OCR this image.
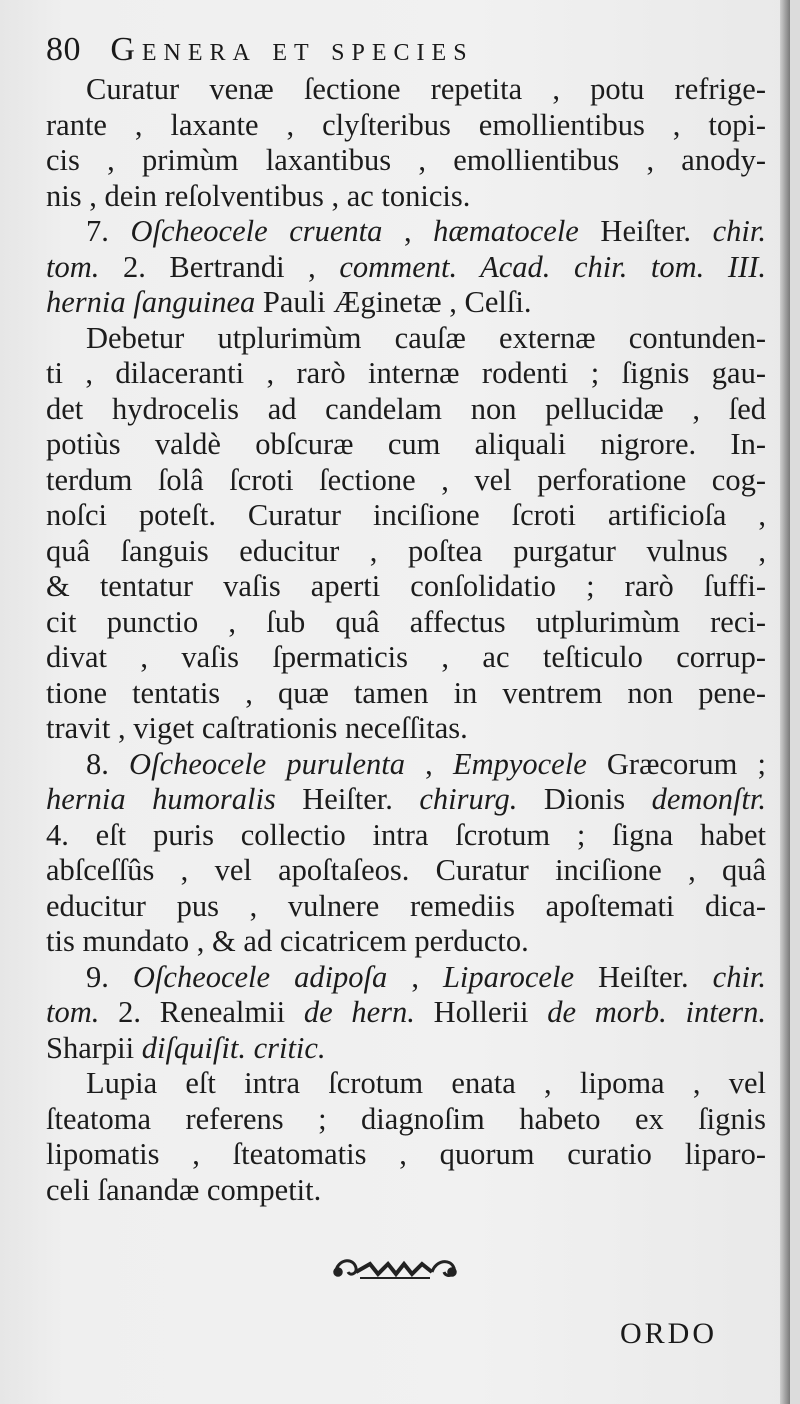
80 Genera et species
Curatur venæ ſectione repetita , potu refrige-
rante , laxante , clyſteribus emollientibus , topi-
cis , primùm laxantibus , emollientibus , anody-
nis , dein reſolventibus , ac tonicis.
7. Oſcheocele cruenta , hæmatocele Heiſter. chir.
tom. 2. Bertrandi , comment. Acad. chir. tom. III.
hernia ſanguinea Pauli Æginetæ , Celſi.
Debetur utplurimùm cauſæ externæ contunden-
ti , dilaceranti , rarò internæ rodenti ; ſignis gau-
det hydrocelis ad candelam non pellucidæ , ſed
potiùs valdè obſcuræ cum aliquali nigrore. In-
terdum ſolâ ſcroti ſectione , vel perforatione cog-
noſci poteſt. Curatur inciſione ſcroti artificioſa ,
quâ ſanguis educitur , poſtea purgatur vulnus ,
& tentatur vaſis aperti conſolidatio ; rarò ſuffi-
cit punctio , ſub quâ affectus utplurimùm reci-
divat , vaſis ſpermaticis , ac teſticulo corrup-
tione tentatis , quæ tamen in ventrem non pene-
travit , viget caſtrationis neceſſitas.
8. Oſcheocele purulenta , Empyocele Græcorum ;
hernia humoralis Heiſter. chirurg. Dionis demonſtr.
4. eſt puris collectio intra ſcrotum ; ſigna habet
abſceſſûs , vel apoſtaſeos. Curatur inciſione , quâ
educitur pus , vulnere remediis apoſtemati dica-
tis mundato , & ad cicatricem perducto.
9. Oſcheocele adipoſa , Liparocele Heiſter. chir.
tom. 2. Renealmii de hern. Hollerii de morb. intern.
Sharpii diſquiſit. critic.
Lupia eſt intra ſcrotum enata , lipoma , vel
ſteatoma referens ; diagnoſim habeto ex ſignis
lipomatis , ſteatomatis , quorum curatio liparo-
celi ſanandæ competit.
ORDO
